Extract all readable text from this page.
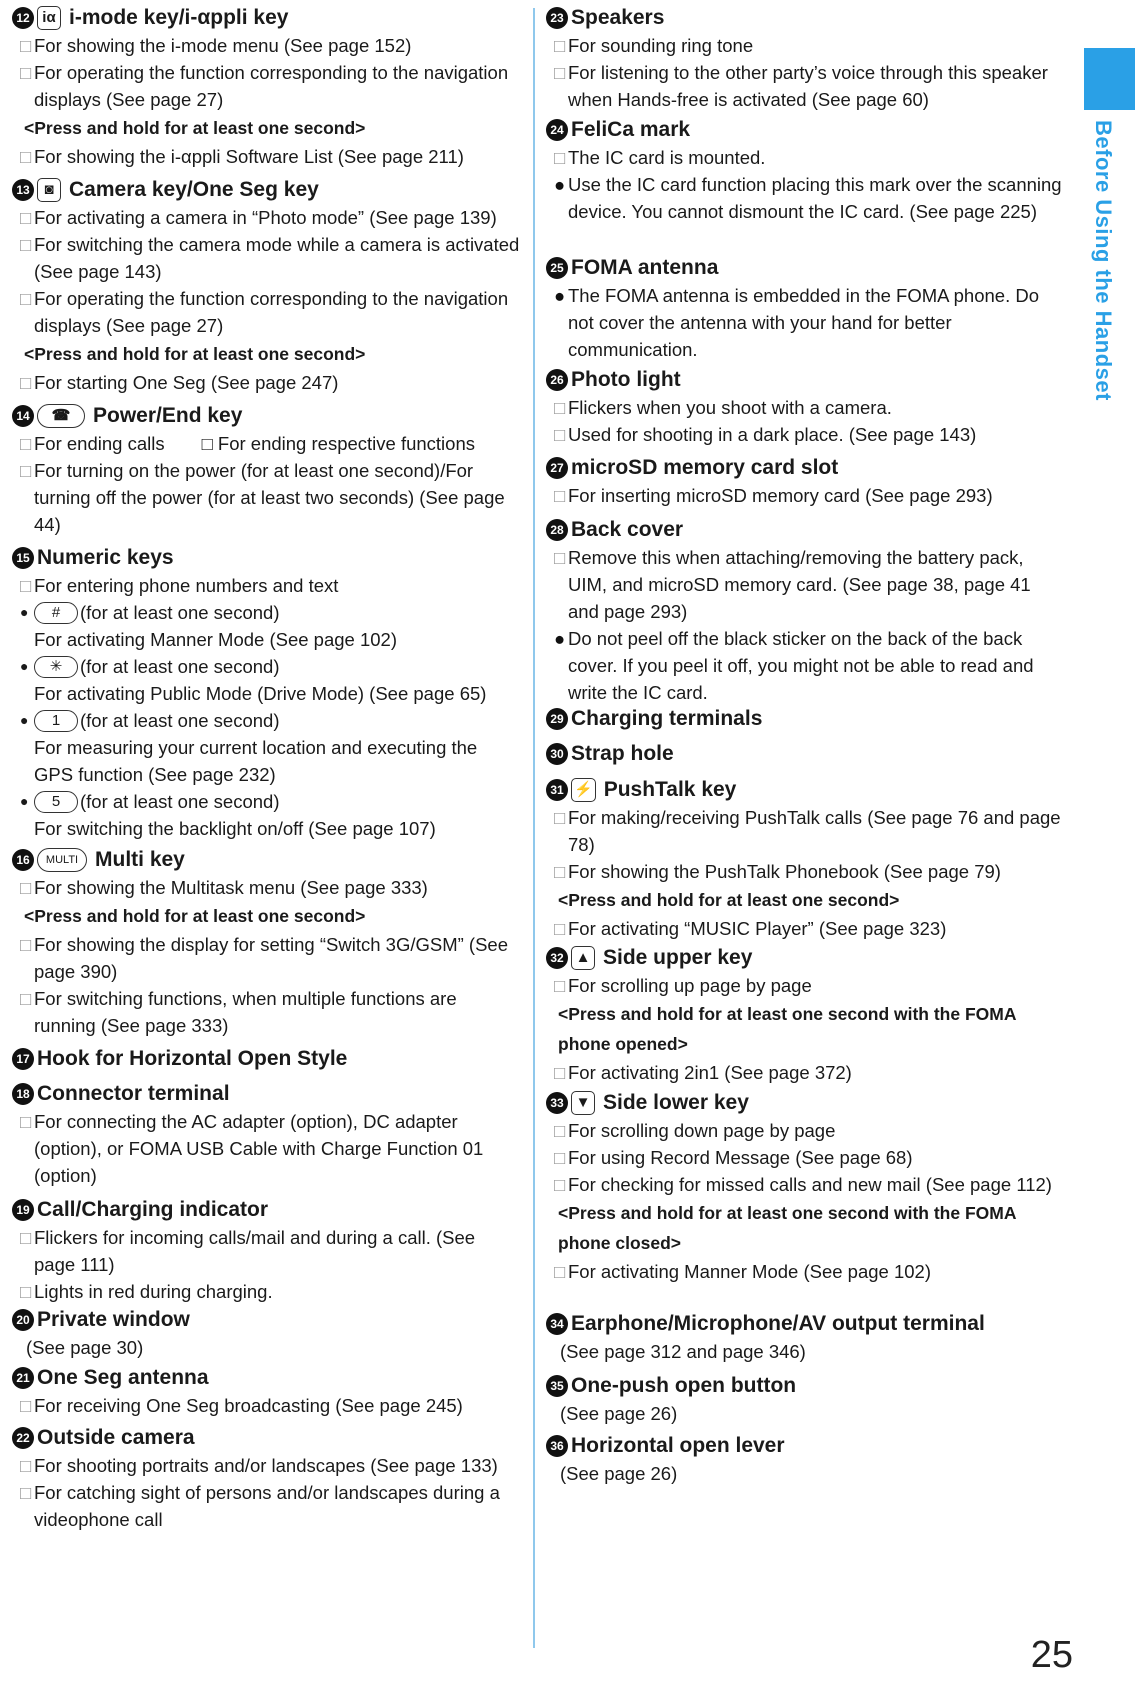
12 iα i-mode key/i-αppli key
□ For showing the i-mode menu (See page 152)
□ For operating the function corresponding to the navigation displays (See page 27)
<Press and hold for at least one second>
□ For showing the i-αppli Software List (See page 211)
13 ◙ Camera key/One Seg key
□ For activating a camera in “Photo mode” (See page 139)
□ For switching the camera mode while a camera is activated (See page 143)
□ For operating the function corresponding to the navigation displays (See page 27)
<Press and hold for at least one second>
□ For starting One Seg (See page 247)
14	☎	Power/End key
□ For ending calls  □ For ending respective functions
□ For turning on the power (for at least one second)/For turning off the power (for at least two seconds) (See page 44)
15 Numeric keys
□ For entering phone numbers and text
●	#	(for at least one second)
For activating Manner Mode (See page 102)
●	✳ (for at least one second)
For activating Public Mode (Drive Mode) (See page 65)
●	1	(for at least one second)
For measuring your current location and executing the GPS function (See page 232)
●	5	(for at least one second)
For switching the backlight on/off (See page 107)
16	MULTI Multi key
□ For showing the Multitask menu (See page 333)
<Press and hold for at least one second>
□ For showing the display for setting “Switch 3G/GSM” (See page 390)
□ For switching functions, when multiple functions are running (See page 333)
17 Hook for Horizontal Open Style
18 Connector terminal
□ For connecting the AC adapter (option), DC adapter (option), or FOMA USB Cable with Charge Function 01 (option)
19 Call/Charging indicator
□ Flickers for incoming calls/mail and during a call. (See page 111)
□ Lights in red during charging.
20 Private window
(See page 30)
21 One Seg antenna
□ For receiving One Seg broadcasting (See page 245)
22 Outside camera
□ For shooting portraits and/or landscapes (See page 133)
□ For catching sight of persons and/or landscapes during a videophone call
23 Speakers
□ For sounding ring tone
□ For listening to the other party’s voice through this speaker when Hands-free is activated (See page 60)
24 FeliCa mark
□ The IC card is mounted.
● Use the IC card function placing this mark over the scanning device. You cannot dismount the IC card. (See page 225)
25 FOMA antenna
● The FOMA antenna is embedded in the FOMA phone. Do not cover the antenna with your hand for better communication.
26 Photo light
□ Flickers when you shoot with a camera.
□ Used for shooting in a dark place. (See page 143)
27 microSD memory card slot
□ For inserting microSD memory card (See page 293)
28 Back cover
□ Remove this when attaching/removing the battery pack, UIM, and microSD memory card. (See page 38, page 41 and page 293)
● Do not peel off the black sticker on the back of the back cover. If you peel it off, you might not be able to read and write the IC card.
29 Charging terminals
30 Strap hole
31 ⚡ PushTalk key
□ For making/receiving PushTalk calls (See page 76 and page 78)
□ For showing the PushTalk Phonebook (See page 79)
<Press and hold for at least one second>
□ For activating “MUSIC Player” (See page 323)
32 ▲ Side upper key
□ For scrolling up page by page
<Press and hold for at least one second with the FOMA phone opened>
□ For activating 2in1 (See page 372)
33 ▼ Side lower key
□ For scrolling down page by page
□ For using Record Message (See page 68)
□ For checking for missed calls and new mail (See page 112)
<Press and hold for at least one second with the FOMA phone closed>
□ For activating Manner Mode (See page 102)
34 Earphone/Microphone/AV output terminal
(See page 312 and page 346)
35 One-push open button
(See page 26)
36 Horizontal open lever
(See page 26)
Before Using the Handset
25
